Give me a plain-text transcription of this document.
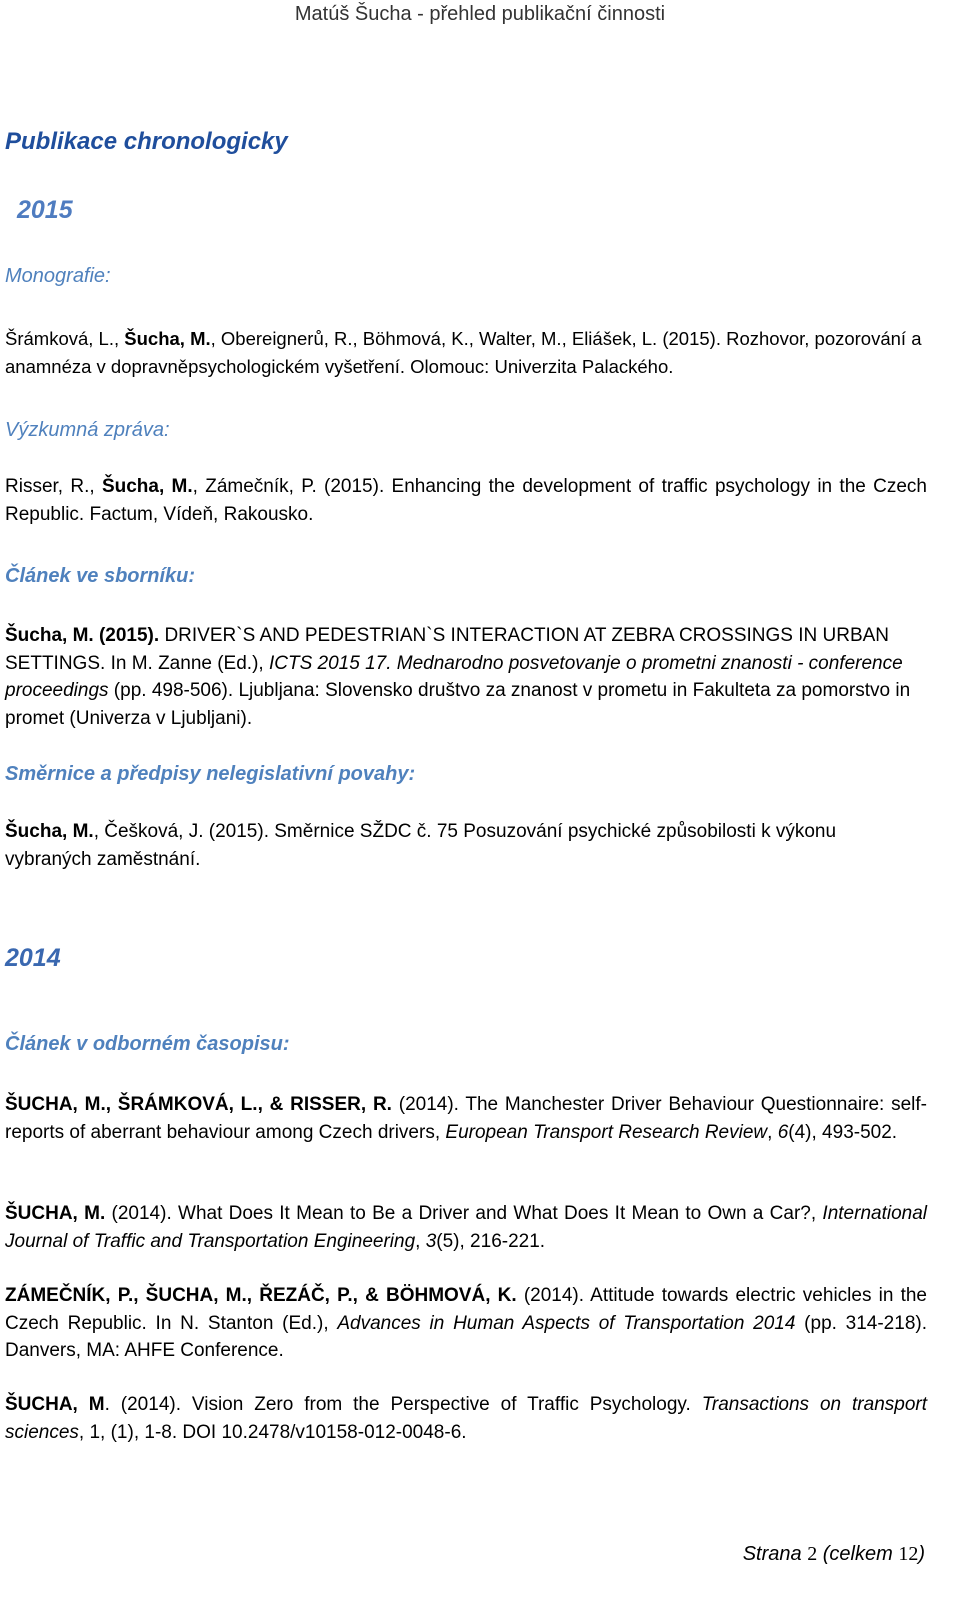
Matúš Šucha - přehled publikační činnosti
Publikace chronologicky
2015
Monografie:

Šrámková, L., Šucha, M., Obereignerů, R., Böhmová, K., Walter, M., Eliášek, L. (2015). Rozhovor, pozorování a anamnéza v dopravněpsychologickém vyšetření. Olomouc: Univerzita Palackého.

Výzkumná zpráva:

Risser, R., Šucha, M., Zámečník, P. (2015). Enhancing the development of traffic psychology in the Czech Republic. Factum, Vídeň, Rakousko.

Článek ve sborníku:

Šucha, M. (2015). DRIVER`S AND PEDESTRIAN`S INTERACTION AT ZEBRA CROSSINGS IN URBAN SETTINGS. In M. Zanne (Ed.), ICTS 2015 17. Mednarodno posvetovanje o prometni znanosti - conference proceedings (pp. 498-506). Ljubljana: Slovensko društvo za znanost v prometu in Fakulteta za pomorstvo in promet (Univerza v Ljubljani).

Směrnice a předpisy nelegislativní povahy:

Šucha, M., Češková, J. (2015). Směrnice SŽDC č. 75 Posuzování psychické způsobilosti k výkonu vybraných zaměstnání.

2014
Článek v odborném časopisu:

ŠUCHA, M., ŠRÁMKOVÁ, L., & RISSER, R. (2014). The Manchester Driver Behaviour Questionnaire: self-reports of aberrant behaviour among Czech drivers, European Transport Research Review, 6(4), 493-502.

ŠUCHA, M. (2014). What Does It Mean to Be a Driver and What Does It Mean to Own a Car?, International Journal of Traffic and Transportation Engineering, 3(5), 216-221.

ZÁMEČNÍK, P., ŠUCHA, M., ŘEZÁČ, P., & BÖHMOVÁ, K. (2014). Attitude towards electric vehicles in the Czech Republic. In N. Stanton (Ed.), Advances in Human Aspects of Transportation 2014 (pp. 314-218). Danvers, MA: AHFE Conference.

ŠUCHA, M. (2014). Vision Zero from the Perspective of Traffic Psychology. Transactions on transport sciences, 1, (1), 1-8. DOI 10.2478/v10158-012-0048-6.

Strana 2 (celkem 12)
